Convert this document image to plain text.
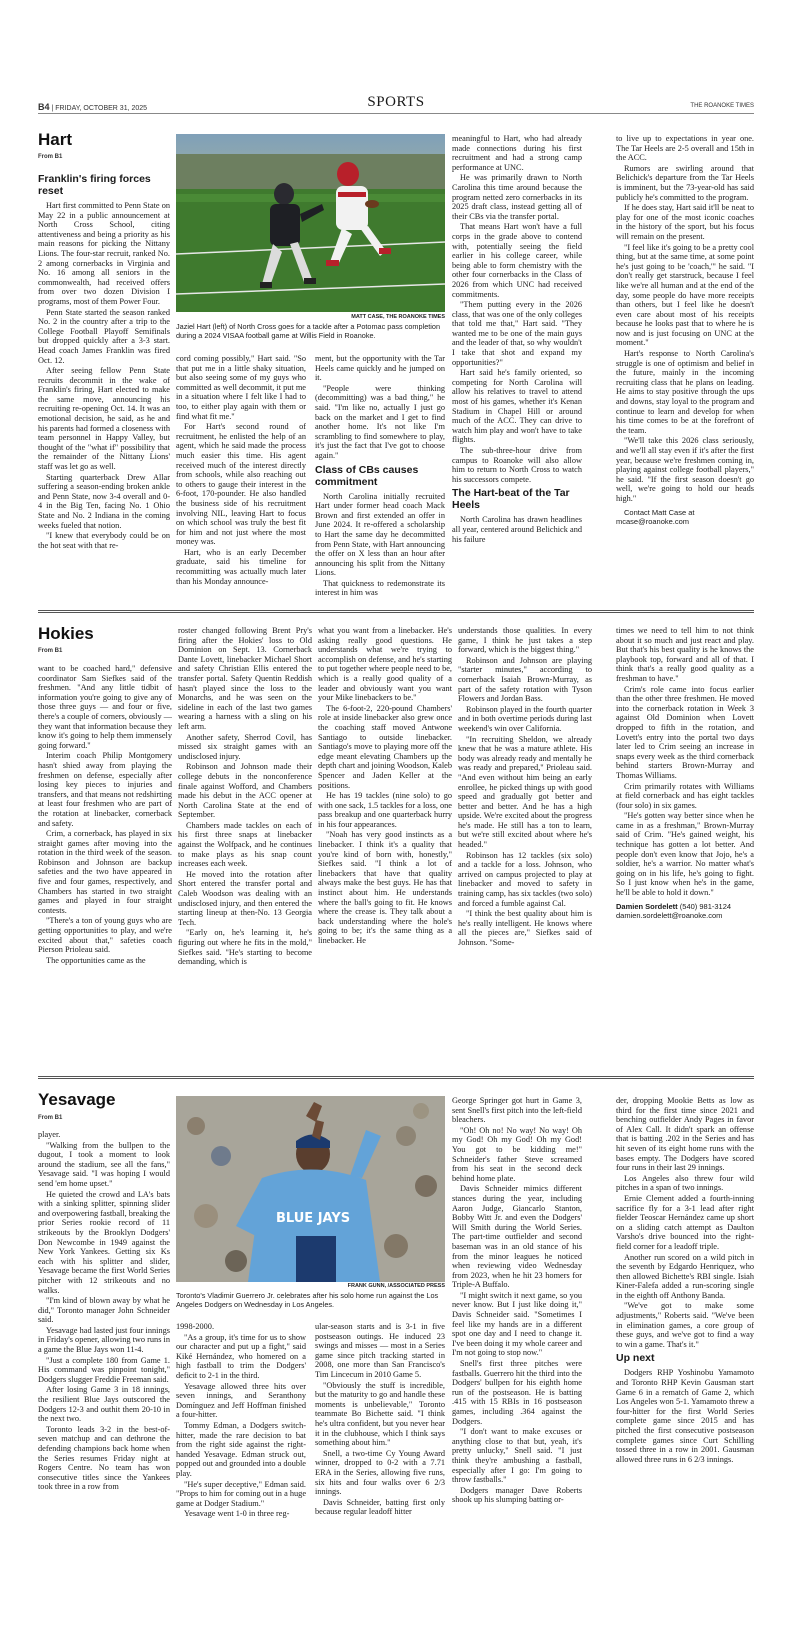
B4 | FRIDAY, OCTOBER 31, 2025	SPORTS	THE ROANOKE TIMES
Hart
From B1
MATT CASE, THE ROANOKE TIMES
Jaziel Hart (left) of North Cross goes for a tackle after a Potomac pass completion during a 2024 VISAA football game at Willis Field in Roanoke.
Franklin's firing forces reset

Hart first committed to Penn State on May 22 in a public announcement at North Cross School, citing attentiveness and being a priority as his main reasons for picking the Nittany Lions. The four-star recruit, ranked No. 2 among cornerbacks in Virginia and No. 16 among all seniors in the commonwealth, had received offers from over two dozen Division I programs, most of them Power Four.

Penn State started the season ranked No. 2 in the country after a trip to the College Football Playoff Semifinals but dropped quickly after a 3-3 start. Head coach James Franklin was fired Oct. 12.

After seeing fellow Penn State recruits decommit in the wake of Franklin's firing, Hart elected to make the same move, announcing his recruiting re-opening Oct. 14. It was an emotional decision, he said, as he and his parents had formed a closeness with team personnel in Happy Valley, but thought of the "what if" possibility that the remainder of the Nittany Lions' staff was let go as well.

Starting quarterback Drew Allar suffering a season-ending broken ankle and Penn State, now 3-4 overall and 0-4 in the Big Ten, facing No. 1 Ohio State and No. 2 Indiana in the coming weeks fueled that notion.

"I knew that everybody could be on the hot seat with that re-

cord coming possibly," Hart said. "So that put me in a little shaky situation, but also seeing some of my guys who committed as well decommit, it put me in a situation where I felt like I had to too, to either play again with them or find what fit me."

For Hart's second round of recruitment, he enlisted the help of an agent, which he said made the process much easier this time. His agent received much of the interest directly from schools, while also reaching out to others to gauge their interest in the 6-foot, 170-pounder. He also handled the business side of his recruitment involving NIL, leaving Hart to focus on which school was truly the best fit for him and not just where the most money was.

Hart, who is an early December graduate, said his timeline for recommitting was actually much later than his Monday announce-

ment, but the opportunity with the Tar Heels came quickly and he jumped on it.

"People were thinking (decommitting) was a bad thing," he said. "I'm like no, actually I just go back on the market and I get to find another home. It's not like I'm scrambling to find somewhere to play, it's just the fact that I've got to choose again."

Class of CBs causes commitment

North Carolina initially recruited Hart under former head coach Mack Brown and first extended an offer in June 2024. It re-offered a scholarship to Hart the same day he decommitted from Penn State, with Hart announcing the offer on X less than an hour after announcing his split from the Nittany Lions.

That quickness to redemonstrate its interest in him was

meaningful to Hart, who had already made connections during his first recruitment and had a strong camp performance at UNC.

He was primarily drawn to North Carolina this time around because the program netted zero cornerbacks in its 2025 draft class, instead getting all of their CBs via the transfer portal.

That means Hart won't have a full corps in the grade above to contend with, potentially seeing the field earlier in his college career, while being able to form chemistry with the other four cornerbacks in the Class of 2026 from which UNC had received commitments.

"Them putting every in the 2026 class, that was one of the only colleges that told me that," Hart said. "They wanted me to be one of the main guys and the leader of that, so why wouldn't I take that shot and expand my opportunities?"

Hart said he's family oriented, so competing for North Carolina will allow his relatives to travel to attend most of his games, whether it's Kenan Stadium in Chapel Hill or around much of the ACC. They can drive to watch him play and won't have to take flights.

The sub-three-hour drive from campus to Roanoke will also allow him to return to North Cross to watch his successors compete.

The Hart-beat of the Tar Heels

North Carolina has drawn headlines all year, centered around Belichick and his failure

to live up to expectations in year one. The Tar Heels are 2-5 overall and 15th in the ACC.

Rumors are swirling around that Belichick's departure from the Tar Heels is imminent, but the 73-year-old has said publicly he's committed to the program.

If he does stay, Hart said it'll be neat to play for one of the most iconic coaches in the history of the sport, but his focus will remain on the present.

"I feel like it's going to be a pretty cool thing, but at the same time, at some point he's just going to be 'coach,'" he said. "I don't really get starstruck, because I feel like we're all human and at the end of the day, some people do have more receipts than others, but I feel like he doesn't even care about most of his receipts because he looks past that to where he is now and is just focusing on UNC at the moment."

Hart's response to North Carolina's struggle is one of optimism and belief in the future, mainly in the incoming recruiting class that he plans on leading. He aims to stay positive through the ups and downs, stay loyal to the program and continue to learn and develop for when his time comes to be at the forefront of the team.

"We'll take this 2026 class seriously, and we'll all stay even if it's after the first year, because we're freshmen coming in, playing against college football players," he said. "If the first season doesn't go well, we're going to hold our heads high."

Contact Matt Case at mcase@roanoke.com

Hokies
From B1

want to be coached hard," defensive coordinator Sam Siefkes said of the freshmen. "And any little tidbit of information you're going to give any of those three guys — and four or five, there's a couple of corners, obviously — they want that information because they know it's going to help them immensely going forward."

Interim coach Philip Montgomery hasn't shied away from playing the freshmen on defense, especially after losing key pieces to injuries and transfers, and that means not redshirting at least four freshmen who are part of the rotation at linebacker, cornerback and safety.

Crim, a cornerback, has played in six straight games after moving into the rotation in the third week of the season. Robinson and Johnson are backup safeties and the two have appeared in five and four games, respectively, and Chambers has started in two straight games and played in four straight contests.

"There's a ton of young guys who are getting opportunities to play, and we're excited about that," safeties coach Pierson Prioleau said.

The opportunities came as the

roster changed following Brent Pry's firing after the Hokies' loss to Old Dominion on Sept. 13. Cornerback Dante Lovett, linebacker Michael Short and safety Christian Ellis entered the transfer portal. Safety Quentin Reddish hasn't played since the loss to the Monarchs, and he was seen on the sideline in each of the last two games wearing a harness with a sling on his left arm.

Another safety, Sherrod Covil, has missed six straight games with an undisclosed injury.

Robinson and Johnson made their college debuts in the nonconference finale against Wofford, and Chambers made his debut in the ACC opener at North Carolina State at the end of September.

Chambers made tackles on each of his first three snaps at linebacker against the Wolfpack, and he continues to make plays as his snap count increases each week.

He moved into the rotation after Short entered the transfer portal and Caleb Woodson was dealing with an undisclosed injury, and then entered the starting lineup at then-No. 13 Georgia Tech.

"Early on, he's learning it, he's figuring out where he fits in the mold," Siefkes said. "He's starting to become demanding, which is

what you want from a linebacker. He's asking really good questions. He understands what we're trying to accomplish on defense, and he's starting to put together where people need to be, which is a really good quality of a leader and obviously want you want your Mike linebackers to be."

The 6-foot-2, 220-pound Chambers' role at inside linebacker also grew once the coaching staff moved Antwone Santiago to outside linebacker. Santiago's move to playing more off the edge meant elevating Chambers up the depth chart and joining Woodson, Kaleb Spencer and Jaden Keller at the positions.

He has 19 tackles (nine solo) to go with one sack, 1.5 tackles for a loss, one pass breakup and one quarterback hurry in his four appearances.

"Noah has very good instincts as a linebacker. I think it's a quality that you're kind of born with, honestly," Siefkes said. "I think a lot of linebackers that have that quality always make the best guys. He has that instinct about him. He understands where the ball's going to fit. He knows where the crease is. They talk about a back understanding where the hole's going to be; it's the same thing as a linebacker. He

understands those qualities. In every game, I think he just takes a step forward, which is the biggest thing."

Robinson and Johnson are playing "starter minutes," according to cornerback Isaiah Brown-Murray, as part of the safety rotation with Tyson Flowers and Jordan Bass.

Robinson played in the fourth quarter and in both overtime periods during last weekend's win over California.

"In recruiting Sheldon, we already knew that he was a mature athlete. His body was already ready and mentally he was ready and prepared," Prioleau said. "And even without him being an early enrollee, he picked things up with good speed and gradually got better and better and better. And he has a high upside. We're excited about the progress he's made. He still has a ton to learn, but we're still excited about where he's headed."

Robinson has 12 tackles (six solo) and a tackle for a loss. Johnson, who arrived on campus projected to play at linebacker and moved to safety in training camp, has six tackles (two solo) and forced a fumble against Cal.

"I think the best quality about him is he's really intelligent. He knows where all the pieces are," Siefkes said of Johnson. "Some-

times we need to tell him to not think about it so much and just react and play. But that's his best quality is he knows the playbook top, forward and all of that. I think that's a really good quality as a freshman to have."

Crim's role came into focus earlier than the other three freshmen. He moved into the cornerback rotation in Week 3 against Old Dominion when Lovett dropped to fifth in the rotation, and Lovett's entry into the portal two days later led to Crim seeing an increase in snaps every week as the third cornerback behind starters Brown-Murray and Thomas Williams.

Crim primarily rotates with Williams at field cornerback and has eight tackles (four solo) in six games.

"He's gotten way better since when he came in as a freshman," Brown-Murray said of Crim. "He's gained weight, his technique has gotten a lot better. And people don't even know that Jojo, he's a soldier, he's a warrior. No matter what's going on in his life, he's going to fight. So I just know when he's in the game, he'll be able to hold it down."

Damien Sordelett (540) 981-3124
damien.sordelett@roanoke.com
Yesavage
From B1
BLUE JAYS
FRANK GUNN, /ASSOCIATED PRESS
Toronto's Vladimir Guerrero Jr. celebrates after his solo home run against the Los Angeles Dodgers on Wednesday in Los Angeles.

player.

"Walking from the bullpen to the dugout, I took a moment to look around the stadium, see all the fans," Yesavage said. "I was hoping I would send 'em home upset."

He quieted the crowd and LA's bats with a sinking splitter, spinning slider and overpowering fastball, breaking the prior Series rookie record of 11 strikeouts by the Brooklyn Dodgers' Don Newcombe in 1949 against the New York Yankees. Getting six Ks each with his splitter and slider, Yesavage became the first World Series pitcher with 12 strikeouts and no walks.

"I'm kind of blown away by what he did," Toronto manager John Schneider said.

Yesavage had lasted just four innings in Friday's opener, allowing two runs in a game the Blue Jays won 11-4.

"Just a complete 180 from Game 1. His command was pinpoint tonight," Dodgers slugger Freddie Freeman said.

After losing Game 3 in 18 innings, the resilient Blue Jays outscored the Dodgers 12-3 and outhit them 20-10 in the next two.

Toronto leads 3-2 in the best-of-seven matchup and can dethrone the defending champions back home when the Series resumes Friday night at Rogers Centre. No team has won consecutive titles since the Yankees took three in a row from

1998-2000.

"As a group, it's time for us to show our character and put up a fight," said Kiké Hernández, who homered on a high fastball to trim the Dodgers' deficit to 2-1 in the third.

Yesavage allowed three hits over seven innings, and Seranthony Domínguez and Jeff Hoffman finished a four-hitter.

Tommy Edman, a Dodgers switch-hitter, made the rare decision to bat from the right side against the right-handed Yesavage. Edman struck out, popped out and grounded into a double play.

"He's super deceptive," Edman said. "Props to him for coming out in a huge game at Dodger Stadium."

Yesavage went 1-0 in three reg-

ular-season starts and is 3-1 in five postseason outings. He induced 23 swings and misses — most in a Series game since pitch tracking started in 2008, one more than San Francisco's Tim Lincecum in 2010 Game 5.

"Obviously the stuff is incredible, but the maturity to go and handle these moments is unbelievable," Toronto teammate Bo Bichette said. "I think he's ultra confident, but you never hear it in the clubhouse, which I think says something about him."

Snell, a two-time Cy Young Award winner, dropped to 0-2 with a 7.71 ERA in the Series, allowing five runs, six hits and four walks over 6 2/3 innings.

Davis Schneider, batting first only because regular leadoff hitter

George Springer got hurt in Game 3, sent Snell's first pitch into the left-field bleachers.

"Oh! Oh no! No way! No way! Oh my God! Oh my God! Oh my God! You got to be kidding me!" Schneider's father Steve screamed from his seat in the second deck behind home plate.

Davis Schneider mimics different stances during the year, including Aaron Judge, Giancarlo Stanton, Bobby Witt Jr. and even the Dodgers' Will Smith during the World Series. The part-time outfielder and second baseman was in an old stance of his from the minor leagues he noticed when reviewing video Wednesday from 2023, when he hit 23 homers for Triple-A Buffalo.

"I might switch it next game, so you never know. But I just like doing it," Davis Schneider said. "Sometimes I feel like my hands are in a different spot one day and I need to change it. I've been doing it my whole career and I'm not going to stop now."

Snell's first three pitches were fastballs. Guerrero hit the third into the Dodgers' bullpen for his eighth home run of the postseason. He is batting .415 with 15 RBIs in 16 postseason games, including .364 against the Dodgers.

"I don't want to make excuses or anything close to that but, yeah, it's pretty unlucky," Snell said. "I just think they're ambushing a fastball, especially after I go: I'm going to throw fastballs."

Dodgers manager Dave Roberts shook up his slumping batting or-

der, dropping Mookie Betts as low as third for the first time since 2021 and benching outfielder Andy Pages in favor of Alex Call. It didn't spark an offense that is batting .202 in the Series and has hit seven of its eight home runs with the bases empty. The Dodgers have scored four runs in their last 29 innings.

Los Angeles also threw four wild pitches in a span of two innings.

Ernie Clement added a fourth-inning sacrifice fly for a 3-1 lead after right fielder Teoscar Hernández came up short on a sliding catch attempt as Daulton Varsho's drive bounced into the right-field corner for a leadoff triple.

Another run scored on a wild pitch in the seventh by Edgardo Henriquez, who then allowed Bichette's RBI single. Isiah Kiner-Falefa added a run-scoring single in the eighth off Anthony Banda.

"We've got to make some adjustments," Roberts said. "We've been in elimination games, a core group of these guys, and we've got to find a way to win a game. That's it."

Up next

Dodgers RHP Yoshinobu Yamamoto and Toronto RHP Kevin Gausman start Game 6 in a rematch of Game 2, which Los Angeles won 5-1. Yamamoto threw a four-hitter for the first World Series complete game since 2015 and has pitched the first consecutive postseason complete games since Curt Schilling tossed three in a row in 2001. Gausman allowed three runs in 6 2/3 innings.
